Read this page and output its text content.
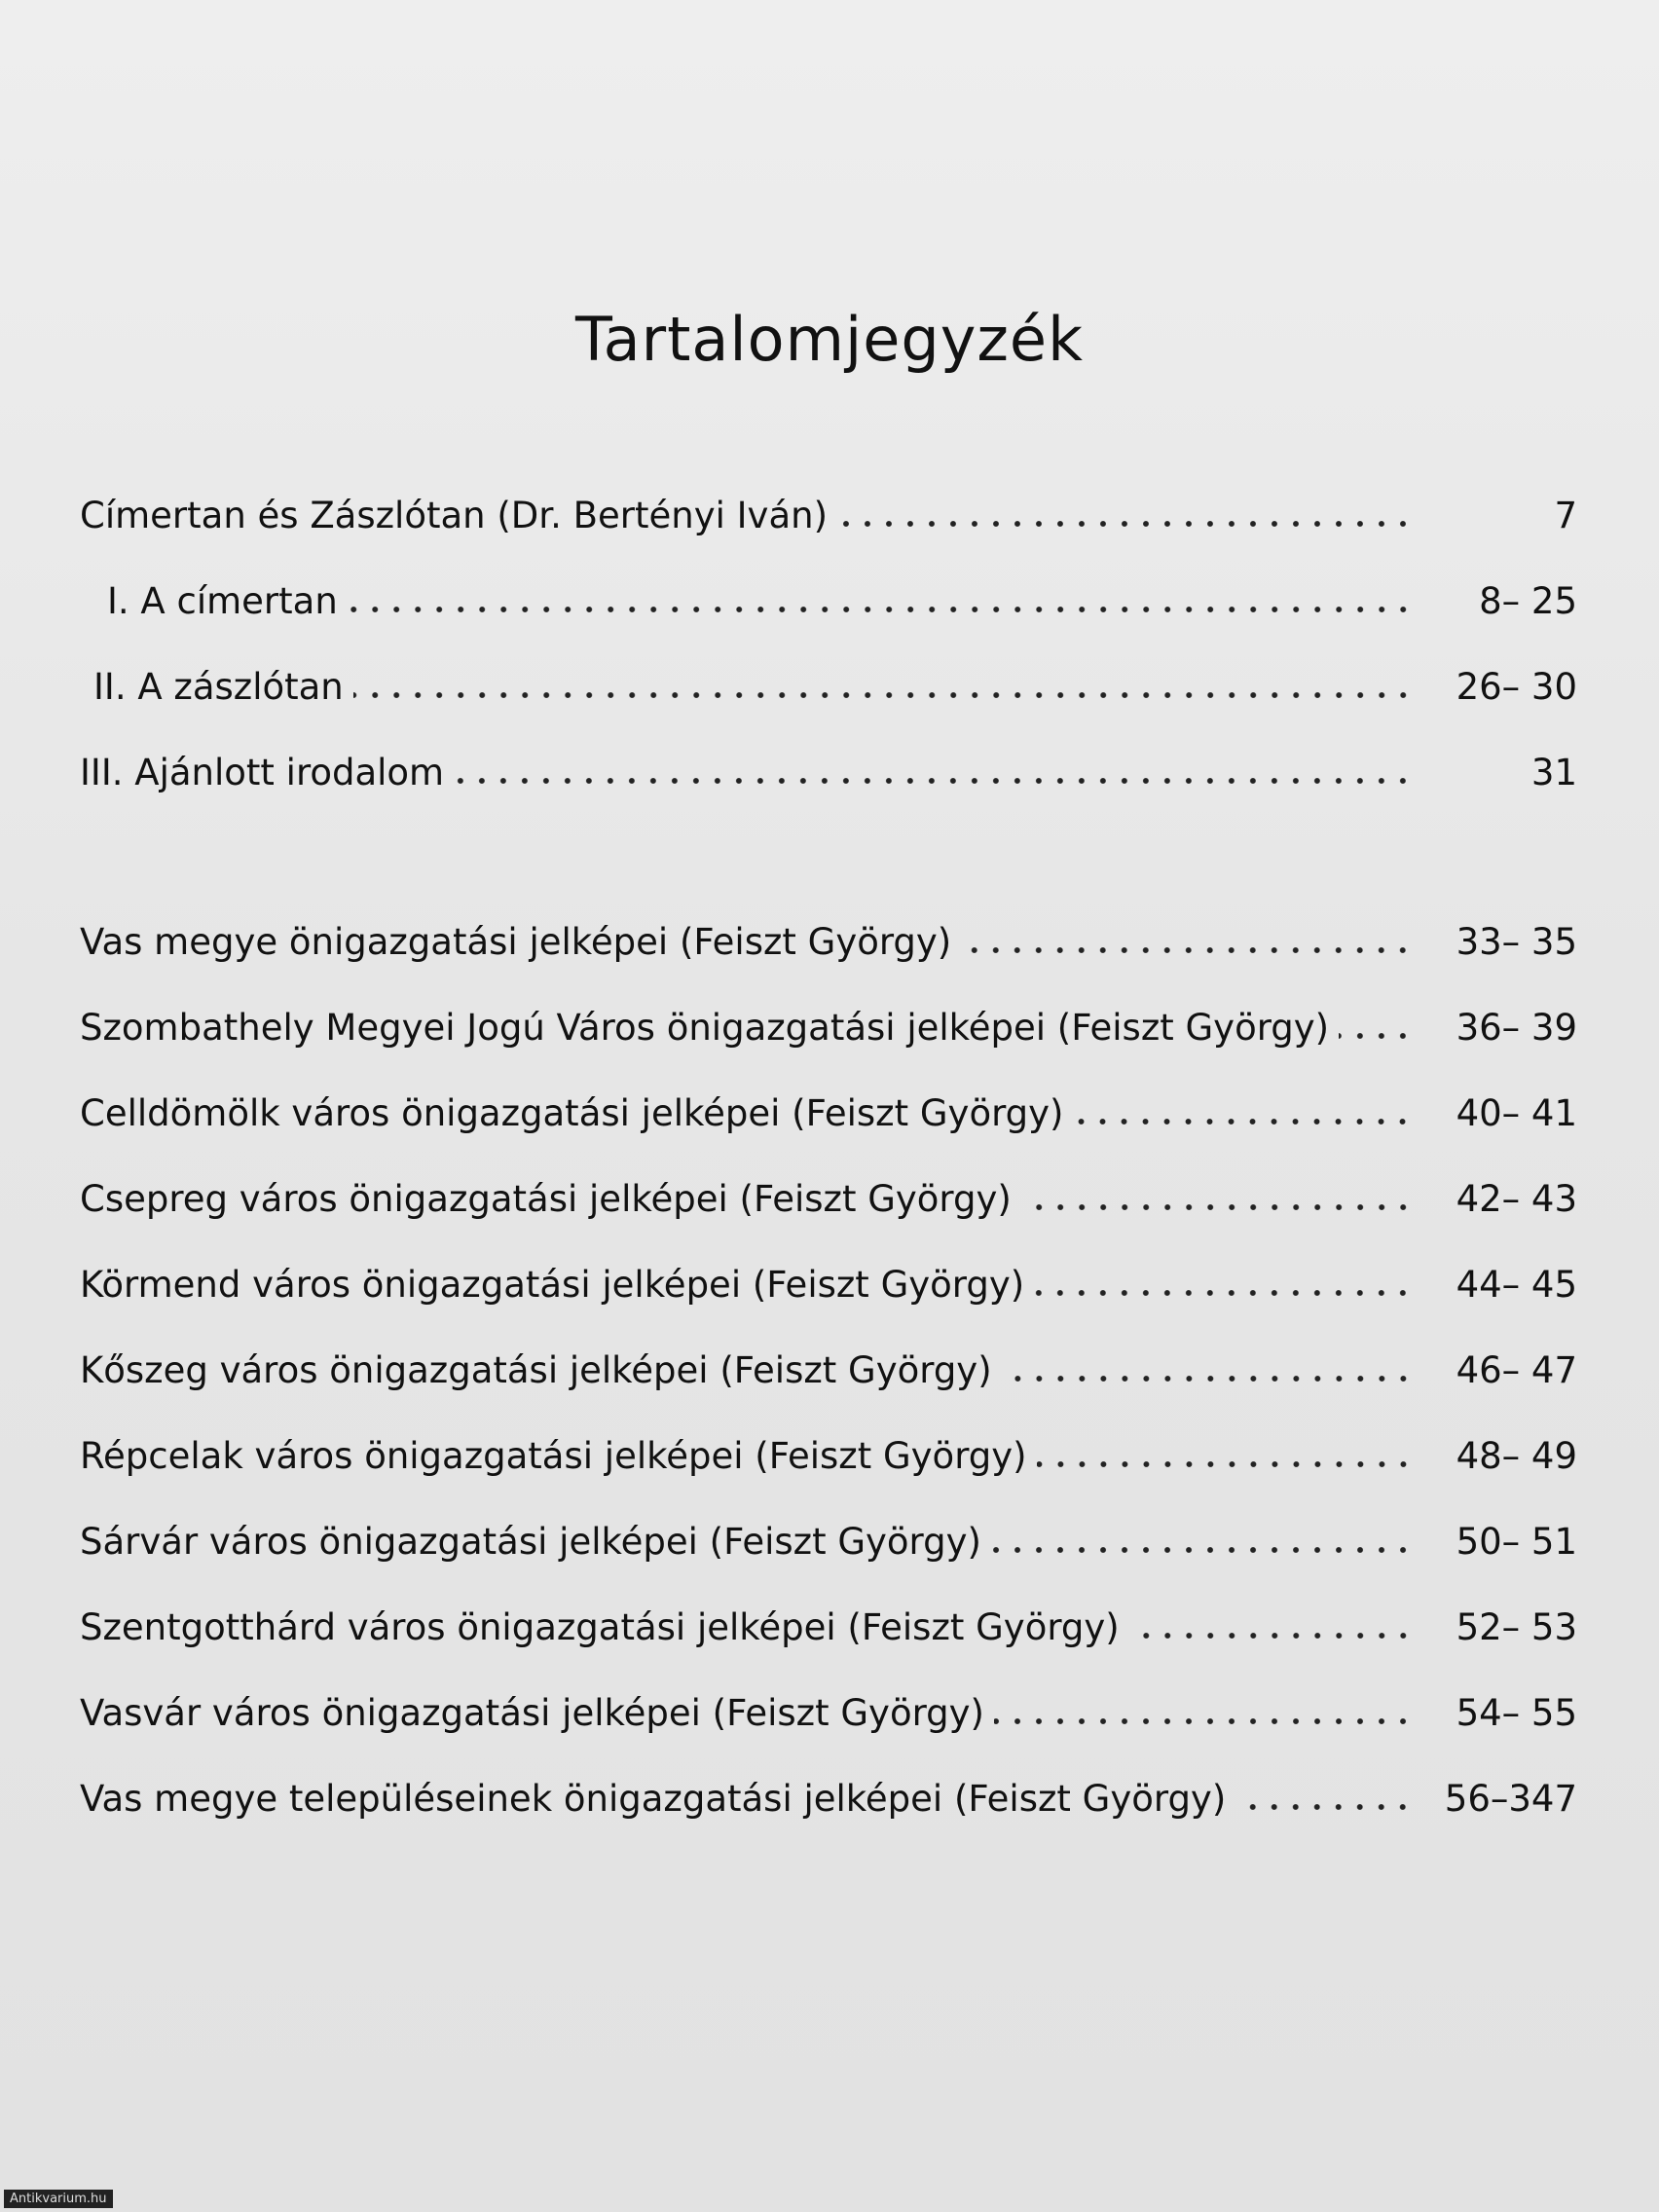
Tartalomjegyzék
Címertan és Zászlótan (Dr. Bertényi Iván)	7
I. A címertan	8– 25
II. A zászlótan	26– 30
III. Ajánlott irodalom	31
Vas megye önigazgatási jelképei (Feiszt György)	33– 35
Szombathely Megyei Jogú Város önigazgatási jelképei (Feiszt György)	36– 39
Celldömölk város önigazgatási jelképei (Feiszt György)	40– 41
Csepreg város önigazgatási jelképei (Feiszt György)	42– 43
Körmend város önigazgatási jelképei (Feiszt György)	44– 45
Kőszeg város önigazgatási jelképei (Feiszt György)	46– 47
Répcelak város önigazgatási jelképei (Feiszt György)	48– 49
Sárvár város önigazgatási jelképei (Feiszt György)	50– 51
Szentgotthárd város önigazgatási jelképei (Feiszt György)	52– 53
Vasvár város önigazgatási jelképei (Feiszt György)	54– 55
Vas megye településeinek önigazgatási jelképei (Feiszt György)	56–347
Antikvarium.hu
